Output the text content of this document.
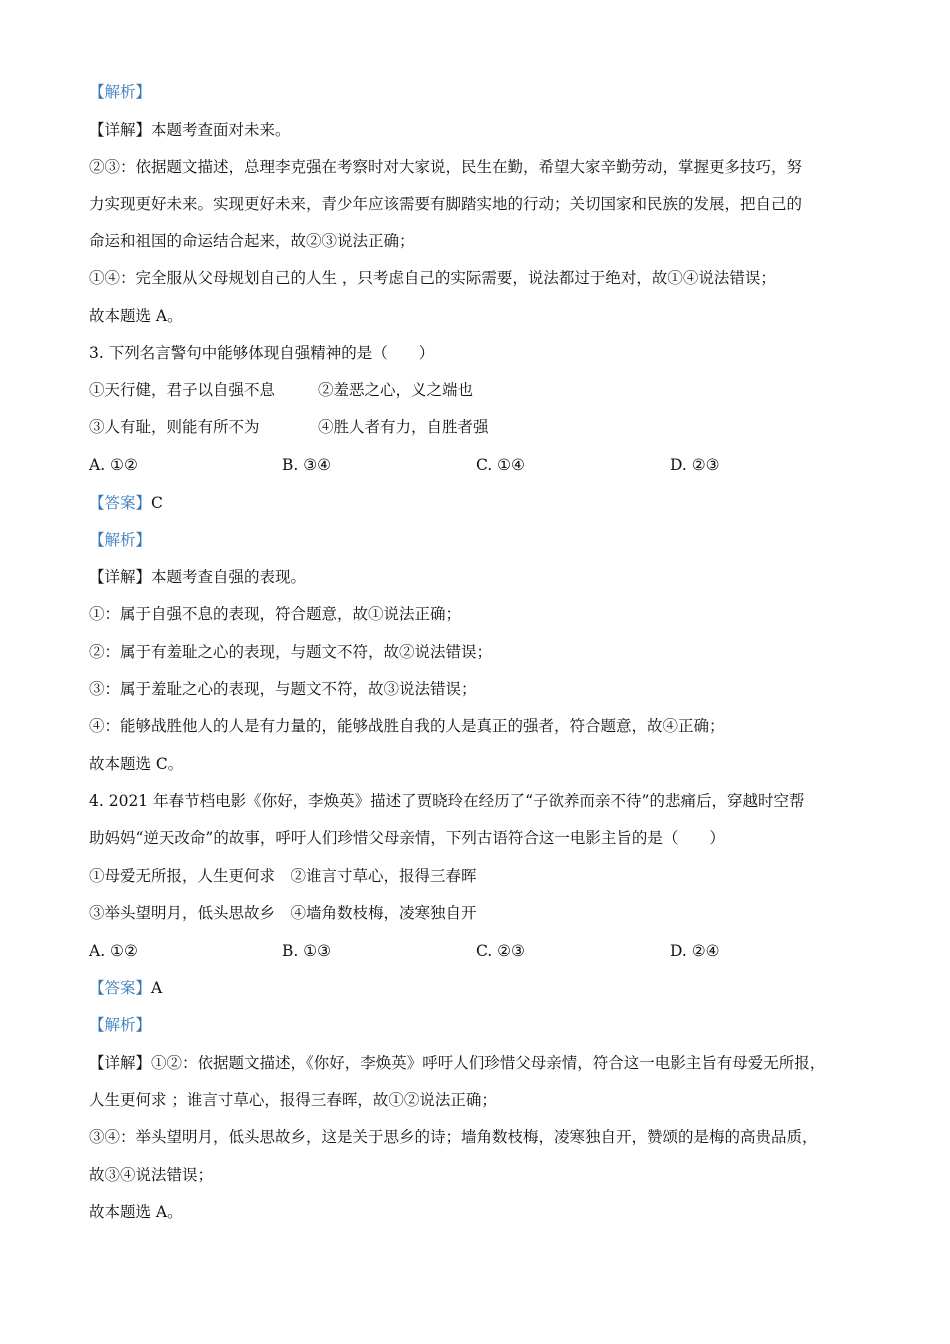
【解析】
【详解】本题考查面对未来。
②③：依据题文描述，总理李克强在考察时对大家说，民生在勤，希望大家辛勤劳动，掌握更多技巧，努
力实现更好未来。实现更好未来，青少年应该需要有脚踏实地的行动；关切国家和民族的发展，把自己的
命运和祖国的命运结合起来，故②③说法正确；
①④：完全服从父母规划自己的人生 ，只考虑自己的实际需要，说法都过于绝对，故①④说法错误；
故本题选 A。
3. 下列名言警句中能够体现自强精神的是（　　）
①天行健，君子以自强不息	②羞恶之心，义之端也
③人有耻，则能有所不为	④胜人者有力，自胜者强
A. ①②	B. ③④	C. ①④	D. ②③
【答案】C
【解析】
【详解】本题考查自强的表现。
①：属于自强不息的表现，符合题意，故①说法正确；
②：属于有羞耻之心的表现，与题文不符，故②说法错误；
③：属于羞耻之心的表现，与题文不符，故③说法错误；
④：能够战胜他人的人是有力量的，能够战胜自我的人是真正的强者，符合题意，故④正确；
故本题选 C。
4. 2021 年春节档电影《你好，李焕英》描述了贾晓玲在经历了“子欲养而亲不待”的悲痛后，穿越时空帮
助妈妈“逆天改命”的故事，呼吁人们珍惜父母亲情，下列古语符合这一电影主旨的是（　　）
①母爱无所报，人生更何求　②谁言寸草心，报得三春晖
③举头望明月，低头思故乡　④墙角数枝梅，凌寒独自开
A. ①②	B. ①③	C. ②③	D. ②④
【答案】A
【解析】
【详解】①②：依据题文描述，《你好，李焕英》呼吁人们珍惜父母亲情，符合这一电影主旨有母爱无所报，
人生更何求 ；谁言寸草心，报得三春晖，故①②说法正确；
③④：举头望明月，低头思故乡，这是关于思乡的诗；墙角数枝梅，凌寒独自开，赞颂的是梅的高贵品质，
故③④说法错误；
故本题选 A。
